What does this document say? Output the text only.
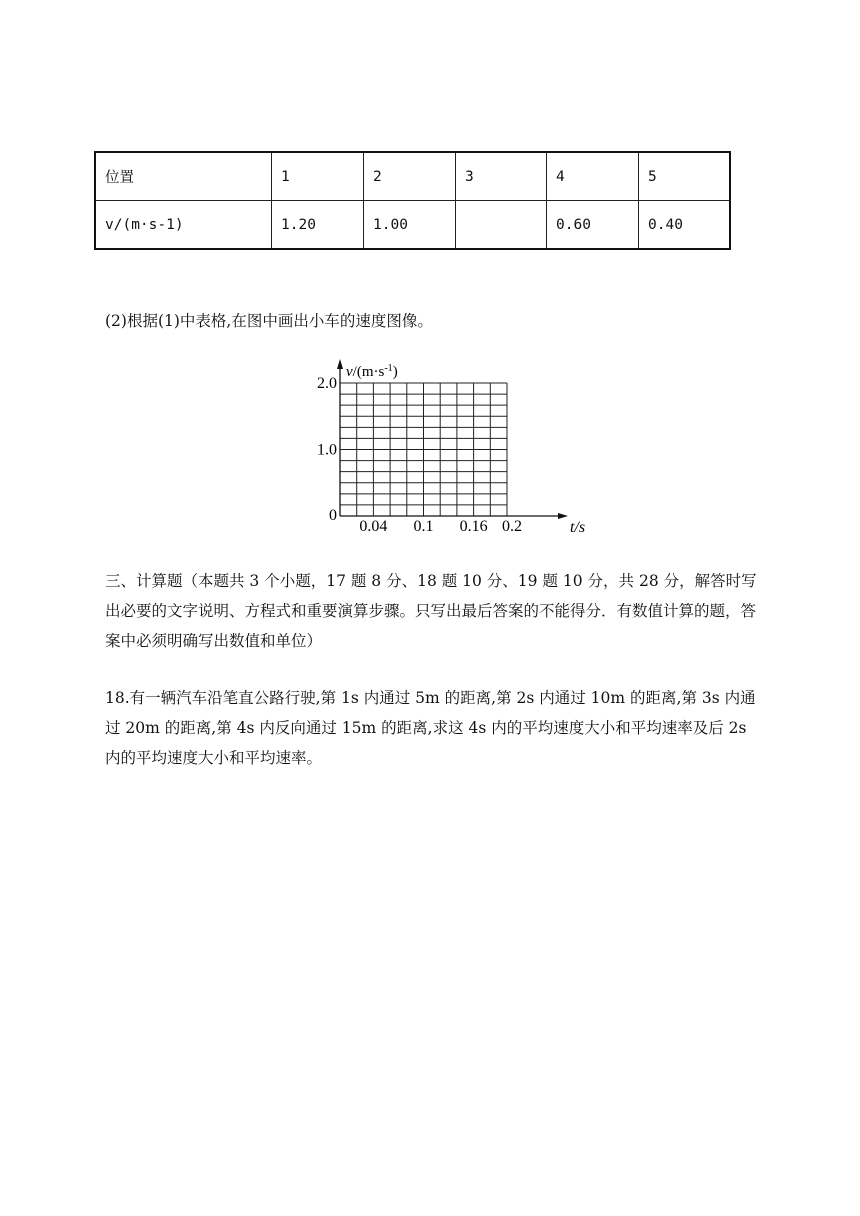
位置	1	2	3	4	5
v/(m·s-1)	1.20	1.00		0.60	0.40
(2)根据(1)中表格,在图中画出小车的速度图像。
2.0
1.0
0
0.04 0.1 0.16 0.2	t/s
$v/(m\cdot s^{-1})$
三、计算题（本题共 3 个小题，17 题 8 分、18 题 10 分、19 题 10 分，共 28 分，解答时写出必要的文字说明、方程式和重要演算步骤。只写出最后答案的不能得分．有数值计算的题，答案中必须明确写出数值和单位）
18.有一辆汽车沿笔直公路行驶,第 1s 内通过 5m 的距离,第 2s 内通过 10m 的距离,第 3s 内通过 20m 的距离,第 4s 内反向通过 15m 的距离,求这 4s 内的平均速度大小和平均速率及后 2s 内的平均速度大小和平均速率。
